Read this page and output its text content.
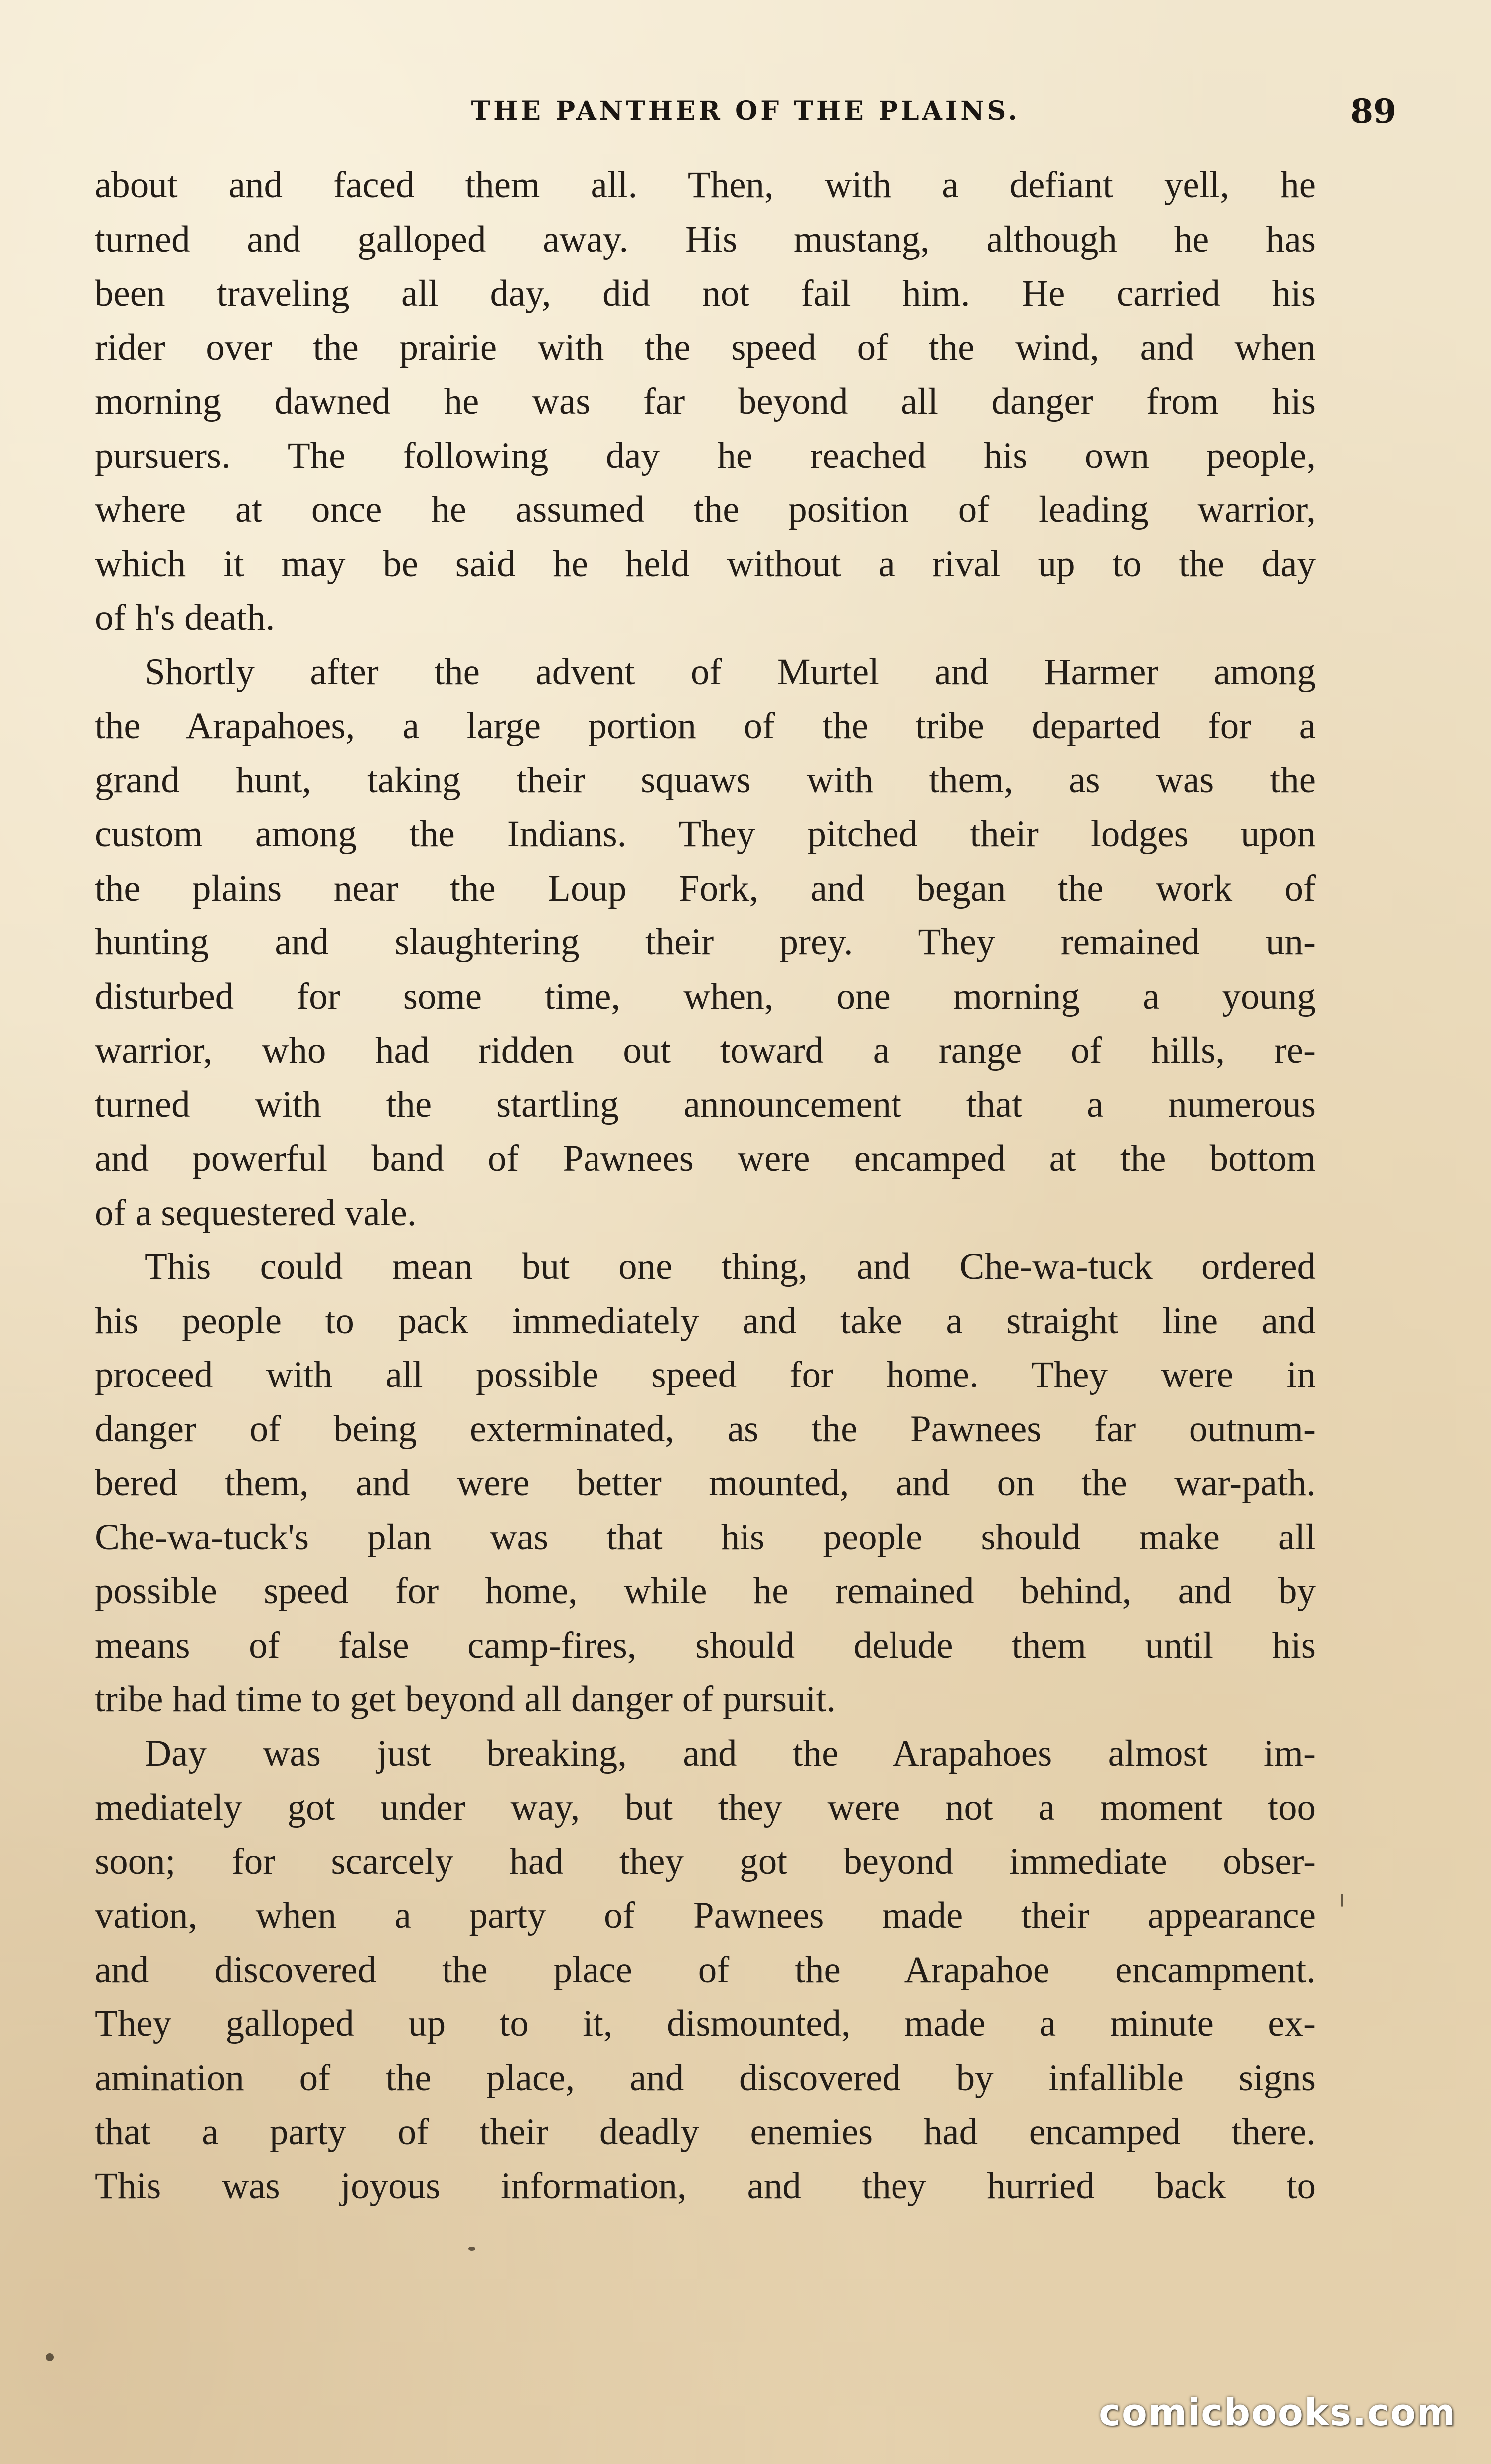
THE PANTHER OF THE PLAINS.	89
about and faced them all. Then, with a defiant yell, he
turned and galloped away. His mustang, although he has
been traveling all day, did not fail him. He carried his
rider over the prairie with the speed of the wind, and when
morning dawned he was far beyond all danger from his
pursuers. The following day he reached his own people,
where at once he assumed the position of leading warrior,
which it may be said he held without a rival up to the day
of h's death.
Shortly after the advent of Murtel and Harmer among
the Arapahoes, a large portion of the tribe departed for a
grand hunt, taking their squaws with them, as was the
custom among the Indians. They pitched their lodges upon
the plains near the Loup Fork, and began the work of
hunting and slaughtering their prey. They remained un-
disturbed for some time, when, one morning a young
warrior, who had ridden out toward a range of hills, re-
turned with the startling announcement that a numerous
and powerful band of Pawnees were encamped at the bottom
of a sequestered vale.
This could mean but one thing, and Che-wa-tuck ordered
his people to pack immediately and take a straight line and
proceed with all possible speed for home. They were in
danger of being exterminated, as the Pawnees far outnum-
bered them, and were better mounted, and on the war-path.
Che-wa-tuck's plan was that his people should make all
possible speed for home, while he remained behind, and by
means of false camp-fires, should delude them until his
tribe had time to get beyond all danger of pursuit.
Day was just breaking, and the Arapahoes almost im-
mediately got under way, but they were not a moment too
soon; for scarcely had they got beyond immediate obser-
vation, when a party of Pawnees made their appearance
and discovered the place of the Arapahoe encampment.
They galloped up to it, dismounted, made a minute ex-
amination of the place, and discovered by infallible signs
that a party of their deadly enemies had encamped there.
This was joyous information, and they hurried back to
comicbooks.com
